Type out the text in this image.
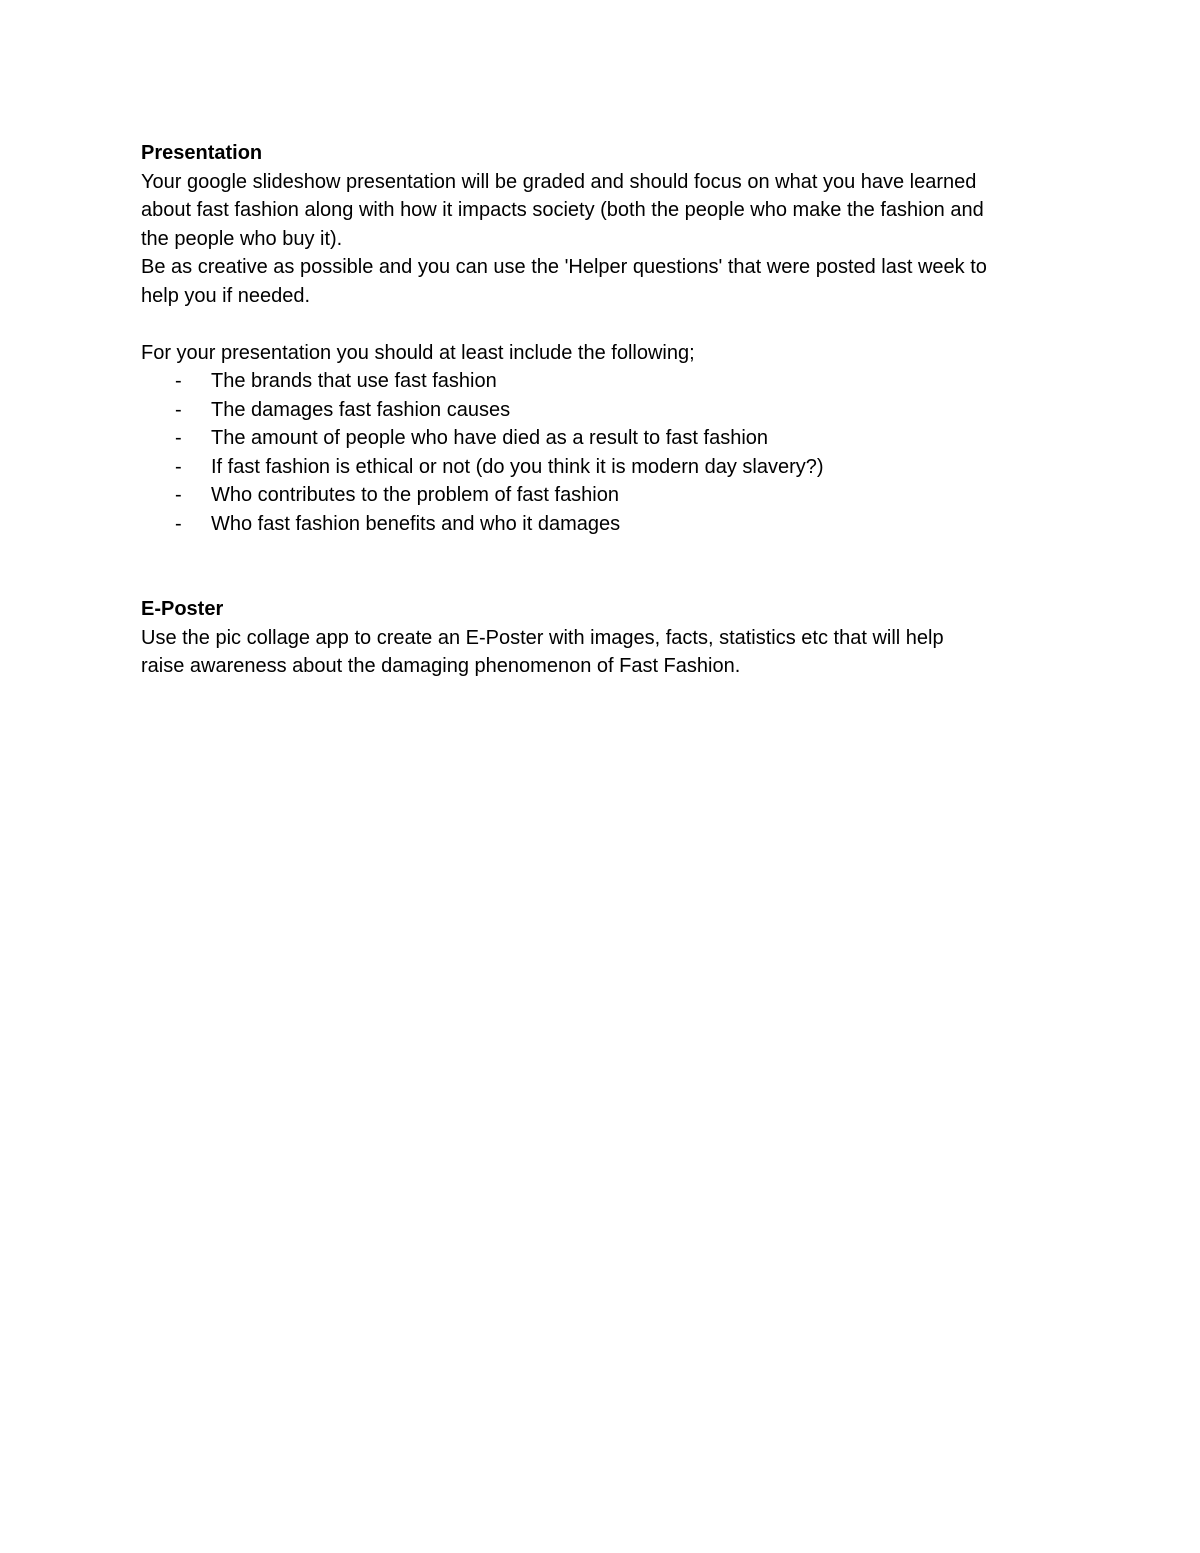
Presentation

Your google slideshow presentation will be graded and should focus on what you have learned
about fast fashion along with how it impacts society (both the people who make the fashion and
the people who buy it).

Be as creative as possible and you can use the 'Helper questions' that were posted last week to
help you if needed.

For your presentation you should at least include the following;

- The brands that use fast fashion
- The damages fast fashion causes
- The amount of people who have died as a result to fast fashion
- If fast fashion is ethical or not (do you think it is modern day slavery?)
- Who contributes to the problem of fast fashion
- Who fast fashion benefits and who it damages

E-Poster

Use the pic collage app to create an E-Poster with images, facts, statistics etc that will help
raise awareness about the damaging phenomenon of Fast Fashion.
